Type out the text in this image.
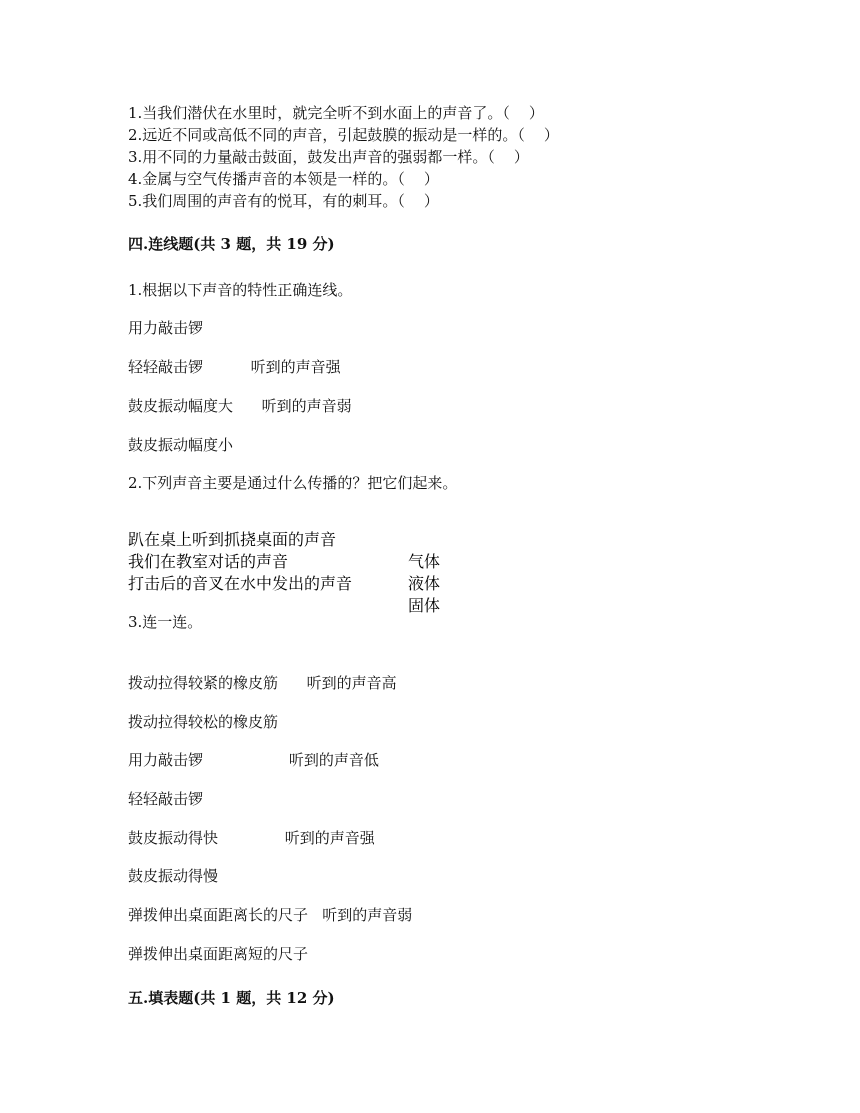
1.当我们潜伏在水里时，就完全听不到水面上的声音了。（    ）
2.远近不同或高低不同的声音，引起鼓膜的振动是一样的。（    ）
3.用不同的力量敲击鼓面，鼓发出声音的强弱都一样。（    ）
4.金属与空气传播声音的本领是一样的。（    ）
5.我们周围的声音有的悦耳，有的刺耳。（    ）
四.连线题(共 3 题，共 19 分)
1.根据以下声音的特性正确连线。
用力敲击锣
轻轻敲击锣          听到的声音强
鼓皮振动幅度大      听到的声音弱
鼓皮振动幅度小
2.下列声音主要是通过什么传播的？把它们起来。

趴在桌上听到抓挠桌面的声音

气体

我们在教室对话的声音

液体

打击后的音叉在水中发出的声音

固体

3.连一连。
拨动拉得较紧的橡皮筋      听到的声音高
拨动拉得较松的橡皮筋
用力敲击锣                  听到的声音低
轻轻敲击锣
鼓皮振动得快              听到的声音强
鼓皮振动得慢
弹拨伸出桌面距离长的尺子   听到的声音弱
弹拨伸出桌面距离短的尺子
五.填表题(共 1 题，共 12 分)
